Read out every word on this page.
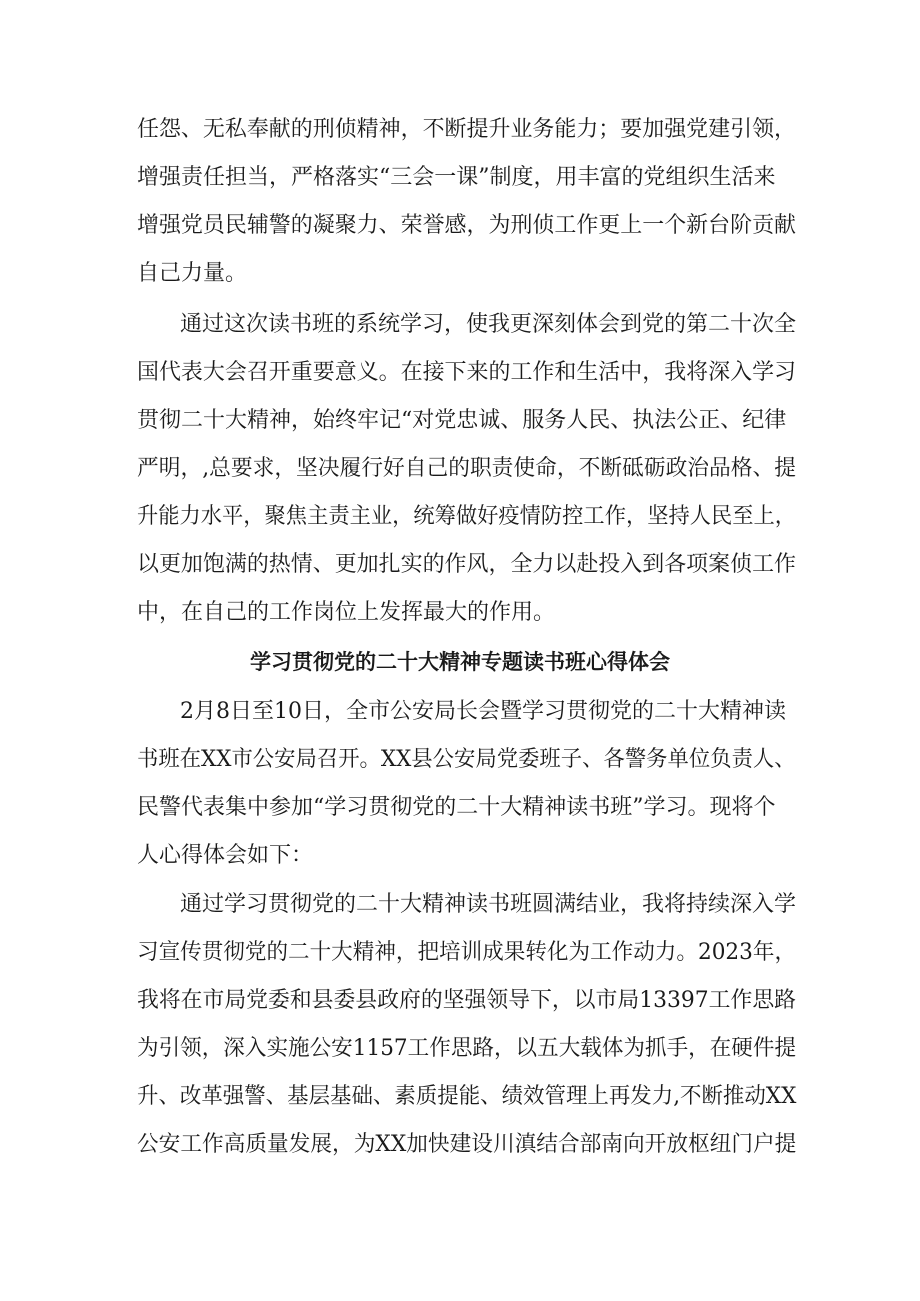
任怨、无私奉献的刑侦精神，不断提升业务能力；要加强党建引领，

增强责任担当，严格落实“三会一课”制度，用丰富的党组织生活来

增强党员民辅警的凝聚力、荣誉感，为刑侦工作更上一个新台阶贡献

自己力量。

通过这次读书班的系统学习，使我更深刻体会到党的第二十次全

国代表大会召开重要意义。在接下来的工作和生活中，我将深入学习

贯彻二十大精神，始终牢记“对党忠诚、服务人民、执法公正、纪律

严明，,总要求，坚决履行好自己的职责使命，不断砥砺政治品格、提

升能力水平，聚焦主责主业，统筹做好疫情防控工作，坚持人民至上，

以更加饱满的热情、更加扎实的作风，全力以赴投入到各项案侦工作

中，在自己的工作岗位上发挥最大的作用。

学习贯彻党的二十大精神专题读书班心得体会

2月8日至10日，全市公安局长会暨学习贯彻党的二十大精神读

书班在XX市公安局召开。XX县公安局党委班子、各警务单位负责人、

民警代表集中参加“学习贯彻党的二十大精神读书班”学习。现将个

人心得体会如下：

通过学习贯彻党的二十大精神读书班圆满结业，我将持续深入学

习宣传贯彻党的二十大精神，把培训成果转化为工作动力。2023年，

我将在市局党委和县委县政府的坚强领导下，以市局13397工作思路

为引领，深入实施公安1157工作思路，以五大载体为抓手，在硬件提

升、改革强警、基层基础、素质提能、绩效管理上再发力,不断推动XX

公安工作高质量发展，为XX加快建设川滇结合部南向开放枢纽门户提
